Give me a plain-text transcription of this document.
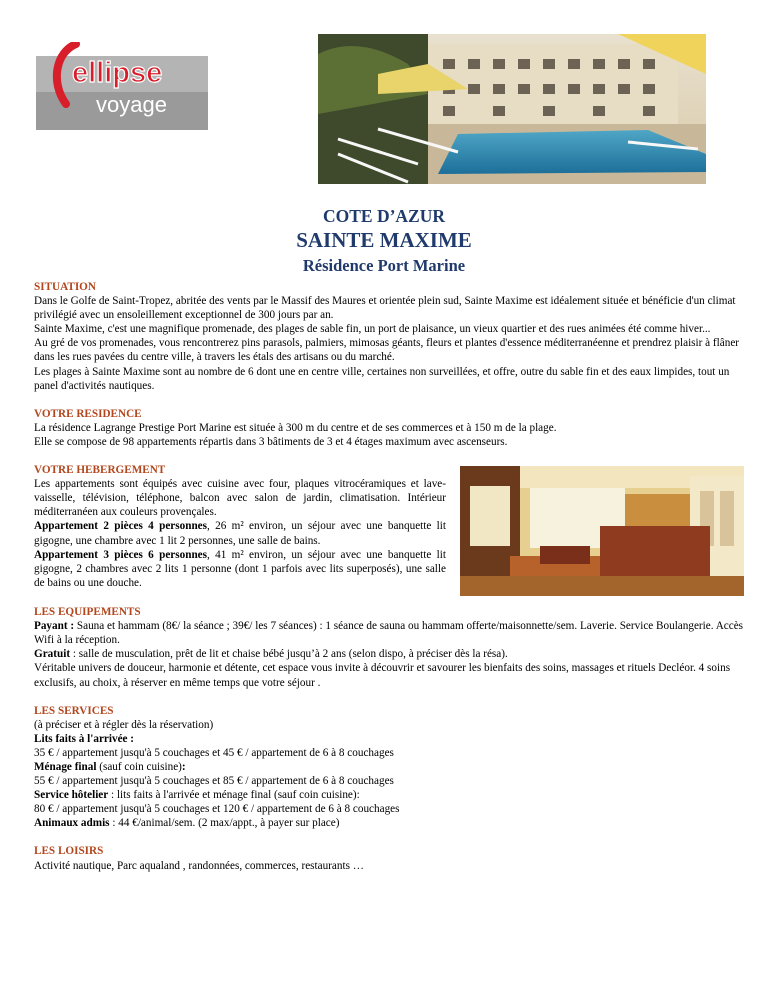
ellipse
voyage
COTE D’AZUR
SAINTE MAXIME
Résidence Port Marine
SITUATION

Dans le Golfe de Saint-Tropez, abritée des vents par le Massif des Maures et orientée plein sud, Sainte Maxime est idéalement située et bénéficie d'un climat privilégié avec un ensoleillement exceptionnel de 300 jours par an.

Sainte Maxime, c'est une magnifique promenade, des plages de sable fin, un port de plaisance, un vieux quartier et des rues animées été comme hiver...

Au gré de vos promenades, vous rencontrerez pins parasols, palmiers, mimosas géants, fleurs et plantes d'essence méditerranéenne et prendrez plaisir à flâner dans les rues pavées du centre ville, à travers les étals des artisans ou du marché.

Les plages à Sainte Maxime sont au nombre de 6 dont une en centre ville, certaines non surveillées, et offre, outre du sable fin et des eaux limpides, tout un panel d'activités nautiques.

VOTRE RESIDENCE

La résidence Lagrange Prestige Port Marine est située à 300 m du centre et de ses commerces et à 150 m de la plage.

Elle se compose de 98 appartements répartis dans 3 bâtiments de 3 et 4 étages maximum avec ascenseurs.

VOTRE HEBERGEMENT

Les appartements sont équipés avec cuisine avec four, plaques vitrocéramiques et lave-vaisselle, télévision, téléphone, balcon avec salon de jardin, climatisation. Intérieur méditerranéen aux couleurs provençales.

Appartement 2 pièces 4 personnes, 26 m² environ, un séjour avec une banquette lit gigogne, une chambre avec 1 lit 2 personnes, une salle de bains.

Appartement 3 pièces 6 personnes, 41 m² environ, un séjour avec une banquette lit gigogne, 2 chambres avec 2 lits 1 personne (dont 1 parfois avec lits superposés), une salle de bains ou une douche.

LES EQUIPEMENTS

Payant : Sauna et hammam (8€/ la séance ; 39€/ les 7 séances) : 1 séance de sauna ou hammam offerte/maisonnette/sem. Laverie. Service Boulangerie. Accès Wifi à la réception.

Gratuit : salle de musculation, prêt de lit et chaise bébé jusqu’à 2 ans (selon dispo, à préciser dès la résa).

Véritable univers de douceur, harmonie et détente, cet espace vous invite à découvrir et savourer les bienfaits des soins, massages et rituels Decléor. 4 soins exclusifs, au choix, à réserver en même temps que votre séjour .

LES SERVICES

(à préciser et à régler dès la réservation)

Lits faits à l'arrivée :

35 € / appartement jusqu'à 5 couchages et 45 € / appartement de 6 à 8 couchages

Ménage final (sauf coin cuisine):

55 € / appartement jusqu'à 5 couchages et 85 € / appartement de 6 à 8 couchages

Service hôtelier : lits faits à l'arrivée et ménage final (sauf coin cuisine):

80 € / appartement jusqu'à 5 couchages et 120 € / appartement de 6 à 8 couchages

Animaux admis : 44 €/animal/sem. (2 max/appt., à payer sur place)

LES LOISIRS

Activité nautique, Parc aqualand , randonnées, commerces, restaurants …
